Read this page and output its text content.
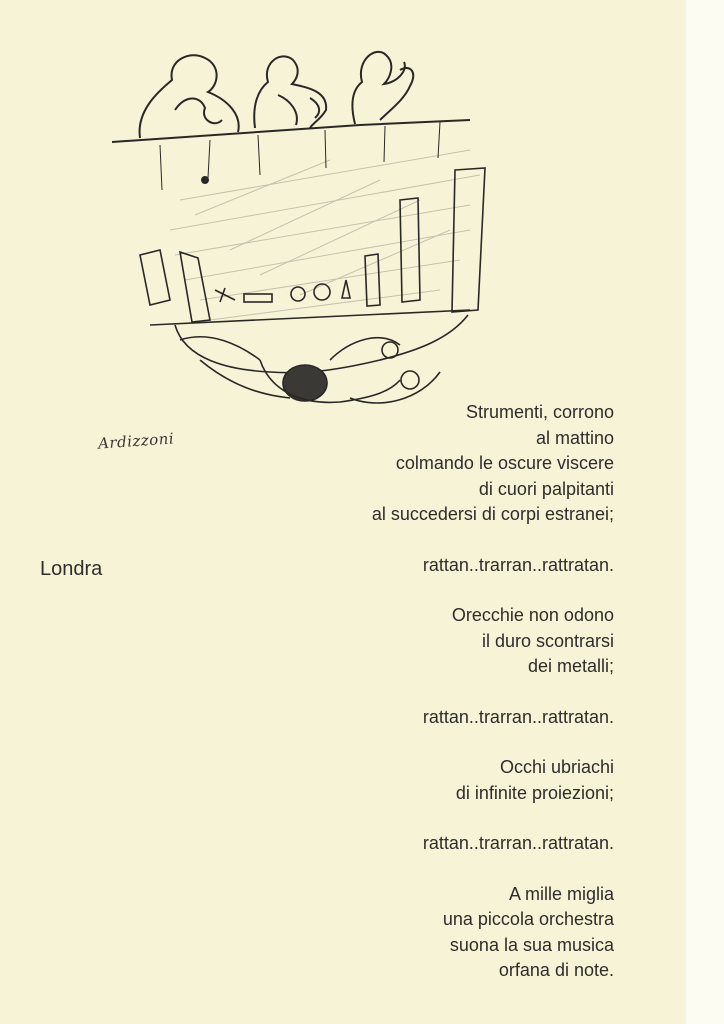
Ardizzoni
Londra
Strumenti, corrono
al mattino
colmando le oscure viscere
di cuori palpitanti
al succedersi di corpi estranei;
rattan..trarran..rattratan.
Orecchie non odono
il duro scontrarsi
dei metalli;
rattan..trarran..rattratan.
Occhi ubriachi
di infinite proiezioni;
rattan..trarran..rattratan.
A mille miglia
una piccola orchestra
suona la sua musica
orfana di note.
